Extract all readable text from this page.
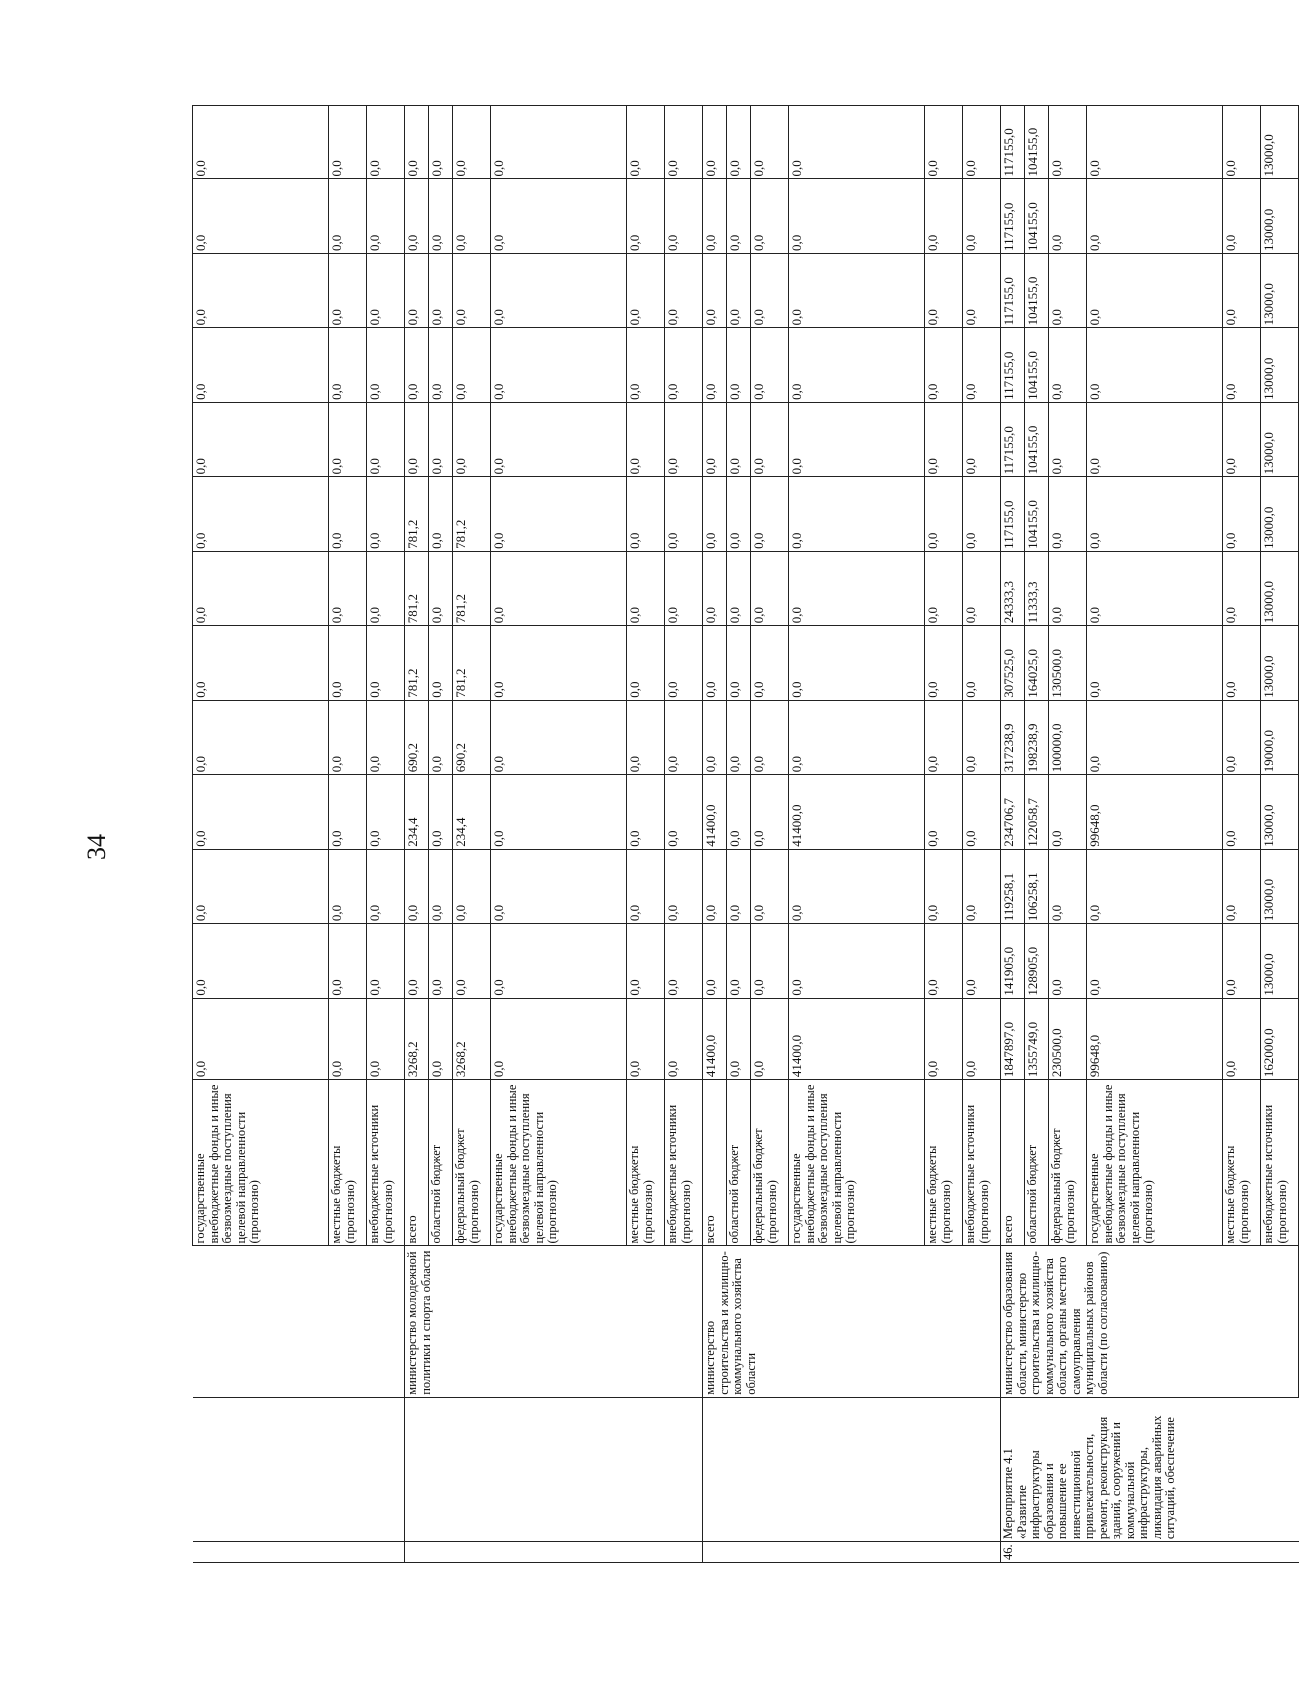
34
			государственные внебюджетные фонды и иные безвозмездные поступления целевой направленности (прогнозно)	0,0	0,0	0,0	0,0	0,0	0,0	0,0	0,0	0,0	0,0	0,0	0,0	0,0
			местные бюджеты (прогнозно)	0,0	0,0	0,0	0,0	0,0	0,0	0,0	0,0	0,0	0,0	0,0	0,0	0,0
			внебюджетные источники (прогнозно)	0,0	0,0	0,0	0,0	0,0	0,0	0,0	0,0	0,0	0,0	0,0	0,0	0,0
		министерство молодежной политики и спорта области	всего	3268,2	0,0	0,0	234,4	690,2	781,2	781,2	781,2	0,0	0,0	0,0	0,0	0,0
			областной бюджет	0,0	0,0	0,0	0,0	0,0	0,0	0,0	0,0	0,0	0,0	0,0	0,0	0,0
			федеральный бюджет (прогнозно)	3268,2	0,0	0,0	234,4	690,2	781,2	781,2	781,2	0,0	0,0	0,0	0,0	0,0
			государственные внебюджетные фонды и иные безвозмездные поступления целевой направленности (прогнозно)	0,0	0,0	0,0	0,0	0,0	0,0	0,0	0,0	0,0	0,0	0,0	0,0	0,0
			местные бюджеты (прогнозно)	0,0	0,0	0,0	0,0	0,0	0,0	0,0	0,0	0,0	0,0	0,0	0,0	0,0
			внебюджетные источники (прогнозно)	0,0	0,0	0,0	0,0	0,0	0,0	0,0	0,0	0,0	0,0	0,0	0,0	0,0
		министерство строительства и жилищно-коммунального хозяйства области	всего	41400,0	0,0	0,0	41400,0	0,0	0,0	0,0	0,0	0,0	0,0	0,0	0,0	0,0
			областной бюджет	0,0	0,0	0,0	0,0	0,0	0,0	0,0	0,0	0,0	0,0	0,0	0,0	0,0
			федеральный бюджет (прогнозно)	0,0	0,0	0,0	0,0	0,0	0,0	0,0	0,0	0,0	0,0	0,0	0,0	0,0
			государственные внебюджетные фонды и иные безвозмездные поступления целевой направленности (прогнозно)	41400,0	0,0	0,0	41400,0	0,0	0,0	0,0	0,0	0,0	0,0	0,0	0,0	0,0
			местные бюджеты (прогнозно)	0,0	0,0	0,0	0,0	0,0	0,0	0,0	0,0	0,0	0,0	0,0	0,0	0,0
			внебюджетные источники (прогнозно)	0,0	0,0	0,0	0,0	0,0	0,0	0,0	0,0	0,0	0,0	0,0	0,0	0,0
46.	Мероприятие 4.1 «Развитие инфраструктуры образования и повышение ее инвестиционной привлекательности, ремонт, реконструкция зданий, сооружений и коммунальной инфраструктуры, ликвидация аварийных ситуаций, обеспечение	министерство образования области, министерство строительства и жилищно-коммунального хозяйства области, органы местного самоуправления муниципальных районов области (по согласованию)	всего	1847897,0	141905,0	119258,1	234706,7	317238,9	307525,0	24333,3	117155,0	117155,0	117155,0	117155,0	117155,0	117155,0
			областной бюджет	1355749,0	128905,0	106258,1	122058,7	198238,9	164025,0	11333,3	104155,0	104155,0	104155,0	104155,0	104155,0	104155,0
			федеральный бюджет (прогнозно)	230500,0	0,0	0,0	0,0	100000,0	130500,0	0,0	0,0	0,0	0,0	0,0	0,0	0,0
			государственные внебюджетные фонды и иные безвозмездные поступления целевой направленности (прогнозно)	99648,0	0,0	0,0	99648,0	0,0	0,0	0,0	0,0	0,0	0,0	0,0	0,0	0,0
			местные бюджеты (прогнозно)	0,0	0,0	0,0	0,0	0,0	0,0	0,0	0,0	0,0	0,0	0,0	0,0	0,0
			внебюджетные источники (прогнозно)	162000,0	13000,0	13000,0	13000,0	19000,0	13000,0	13000,0	13000,0	13000,0	13000,0	13000,0	13000,0	13000,0
